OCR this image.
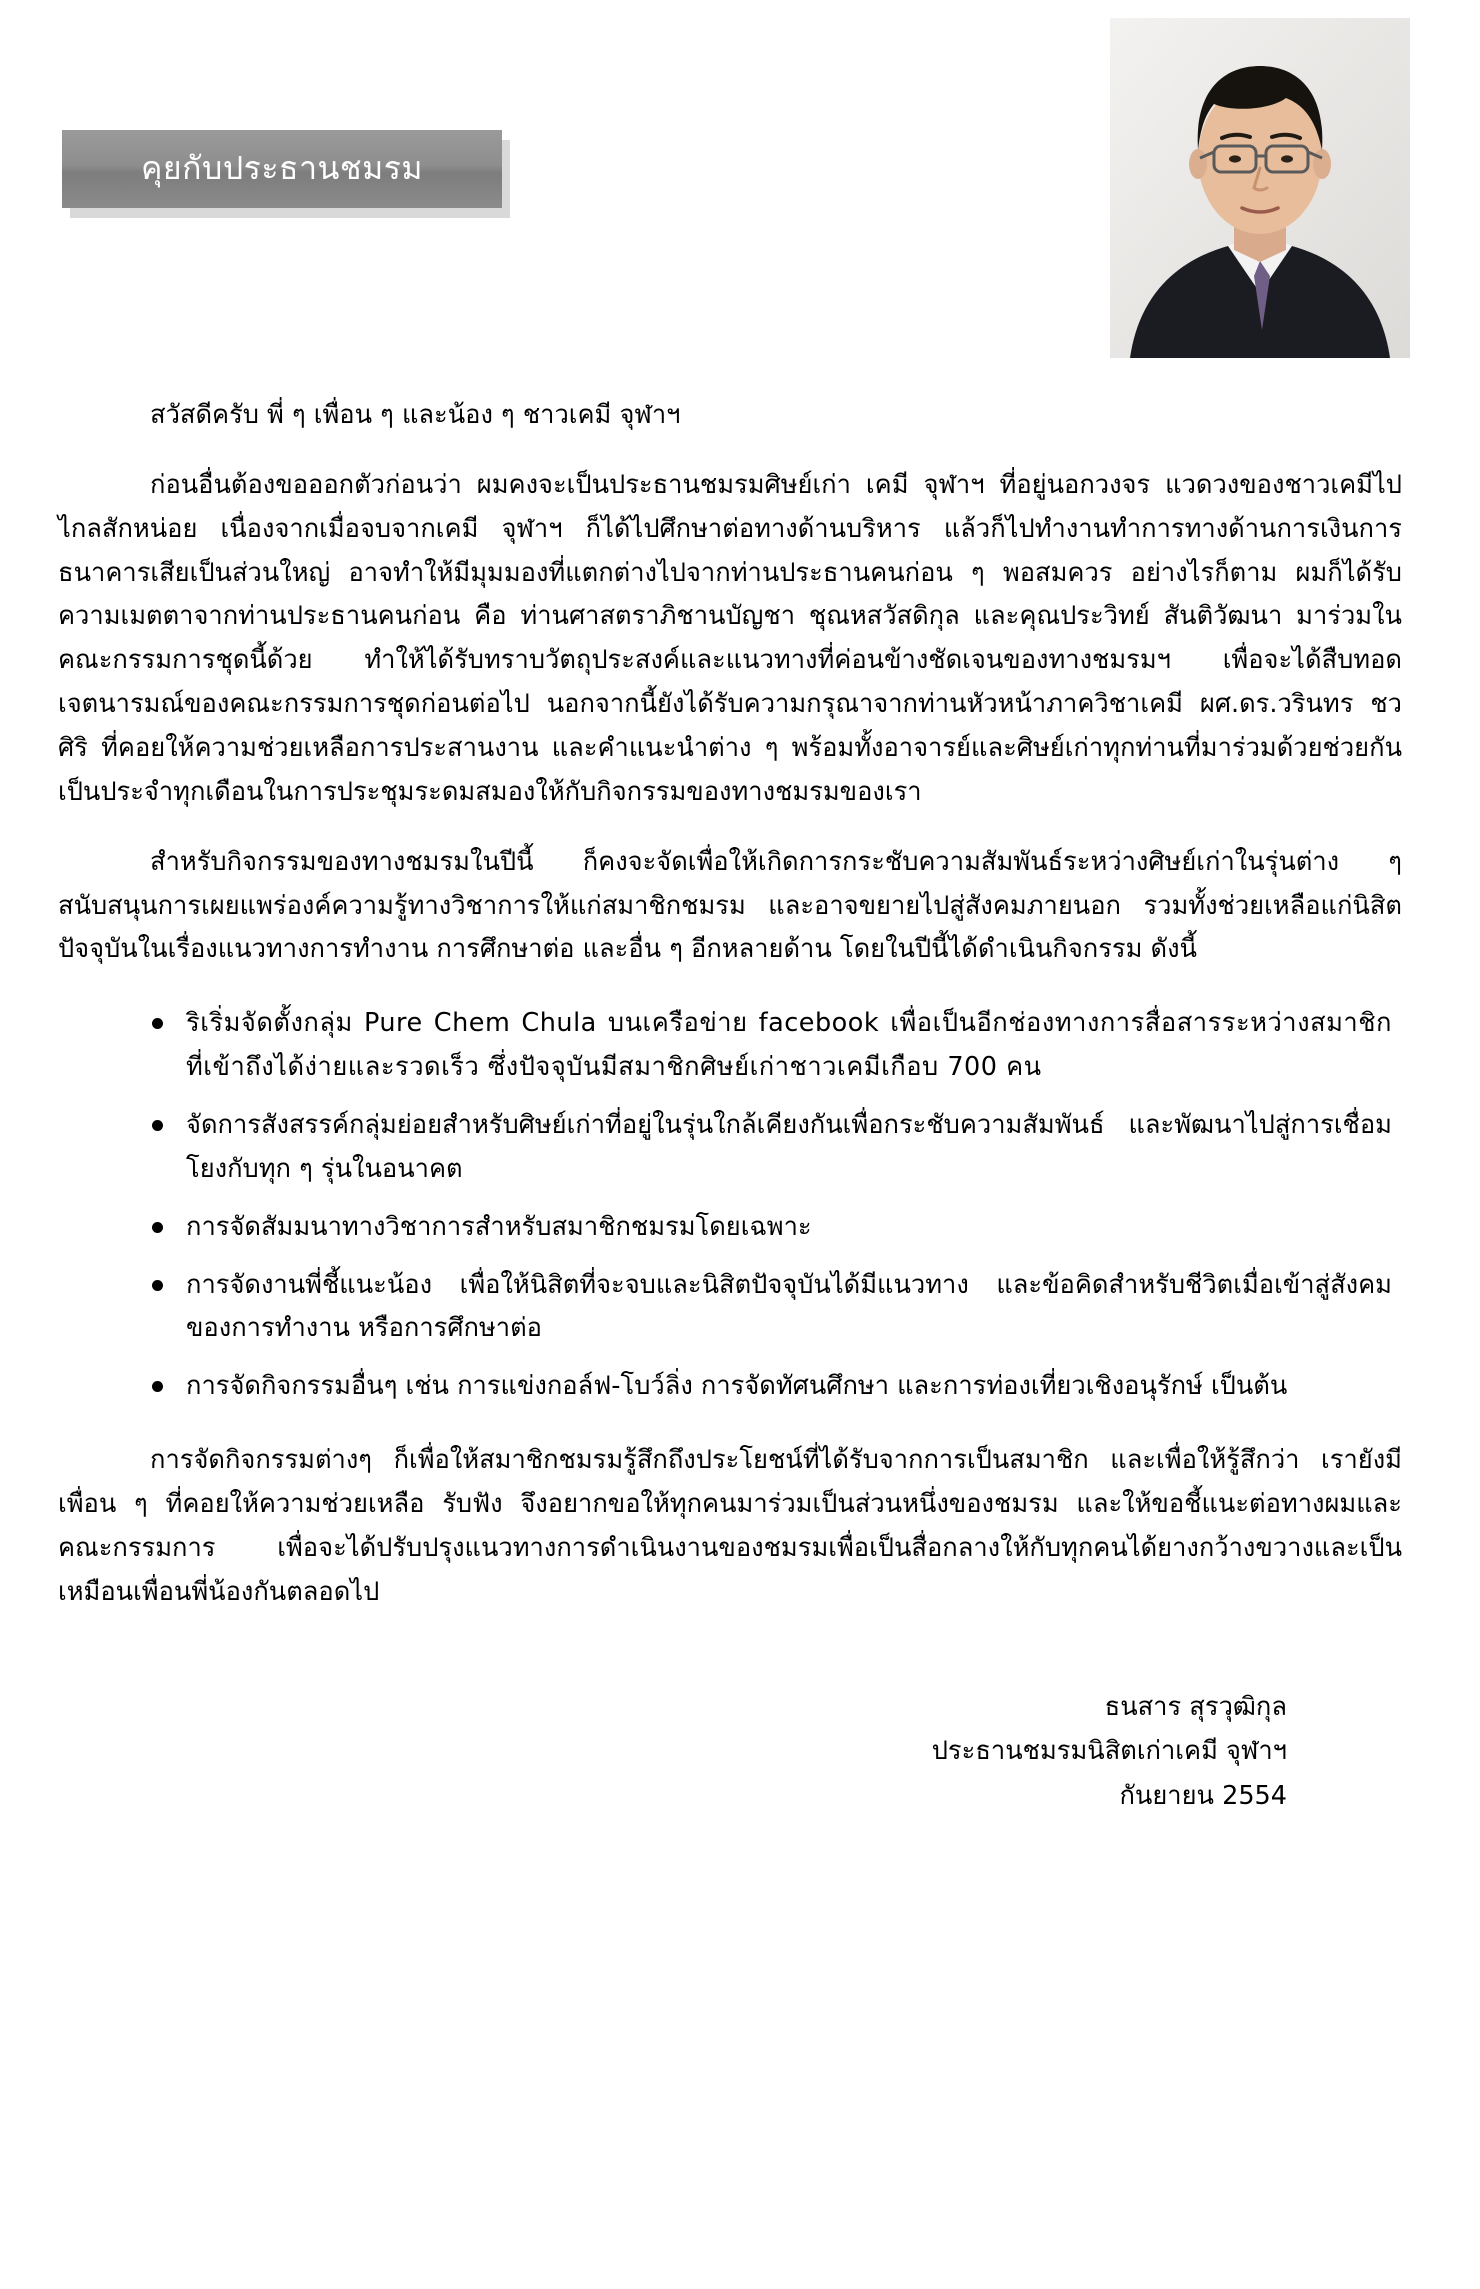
คุยกับประธานชมรม

สวัสดีครับ พี่ ๆ เพื่อน ๆ และน้อง ๆ ชาวเคมี จุฬาฯ

ก่อนอื่นต้องขอออกตัวก่อนว่า ผมคงจะเป็นประธานชมรมศิษย์เก่า เคมี จุฬาฯ ที่อยู่นอกวงจร แวดวงของชาวเคมีไปไกลสักหน่อย เนื่องจากเมื่อจบจากเคมี จุฬาฯ ก็ได้ไปศึกษาต่อทางด้านบริหาร แล้วก็ไปทำงานทำการทางด้านการเงินการธนาคารเสียเป็นส่วนใหญ่ อาจทำให้มีมุมมองที่แตกต่างไปจากท่านประธานคนก่อน ๆ พอสมควร อย่างไรก็ตาม ผมก็ได้รับความเมตตาจากท่านประธานคนก่อน คือ ท่านศาสตราภิชานบัญชา ชุณหสวัสดิกุล และคุณประวิทย์ สันติวัฒนา มาร่วมในคณะกรรมการชุดนี้ด้วย ทำให้ได้รับทราบวัตถุประสงค์และแนวทางที่ค่อนข้างชัดเจนของทางชมรมฯ เพื่อจะได้สืบทอดเจตนารมณ์ของคณะกรรมการชุดก่อนต่อไป นอกจากนี้ยังได้รับความกรุณาจากท่านหัวหน้าภาควิชาเคมี ผศ.ดร.วรินทร ชวศิริ ที่คอยให้ความช่วยเหลือการประสานงาน และคำแนะนำต่าง ๆ พร้อมทั้งอาจารย์และศิษย์เก่าทุกท่านที่มาร่วมด้วยช่วยกันเป็นประจำทุกเดือนในการประชุมระดมสมองให้กับกิจกรรมของทางชมรมของเรา

สำหรับกิจกรรมของทางชมรมในปีนี้ ก็คงจะจัดเพื่อให้เกิดการกระชับความสัมพันธ์ระหว่างศิษย์เก่าในรุ่นต่าง ๆ สนับสนุนการเผยแพร่องค์ความรู้ทางวิชาการให้แก่สมาชิกชมรม และอาจขยายไปสู่สังคมภายนอก รวมทั้งช่วยเหลือแก่นิสิตปัจจุบันในเรื่องแนวทางการทำงาน การศึกษาต่อ และอื่น ๆ อีกหลายด้าน โดยในปีนี้ได้ดำเนินกิจกรรม ดังนี้

ริเริ่มจัดตั้งกลุ่ม Pure Chem Chula บนเครือข่าย facebook เพื่อเป็นอีกช่องทางการสื่อสารระหว่างสมาชิกที่เข้าถึงได้ง่ายและรวดเร็ว ซึ่งปัจจุบันมีสมาชิกศิษย์เก่าชาวเคมีเกือบ 700 คน
จัดการสังสรรค์กลุ่มย่อยสำหรับศิษย์เก่าที่อยู่ในรุ่นใกล้เคียงกันเพื่อกระชับความสัมพันธ์ และพัฒนาไปสู่การเชื่อมโยงกับทุก ๆ รุ่นในอนาคต
การจัดสัมมนาทางวิชาการสำหรับสมาชิกชมรมโดยเฉพาะ
การจัดงานพี่ชี้แนะน้อง เพื่อให้นิสิตที่จะจบและนิสิตปัจจุบันได้มีแนวทาง และข้อคิดสำหรับชีวิตเมื่อเข้าสู่สังคมของการทำงาน หรือการศึกษาต่อ
การจัดกิจกรรมอื่นๆ เช่น การแข่งกอล์ฟ-โบว์ลิ่ง การจัดทัศนศึกษา และการท่องเที่ยวเชิงอนุรักษ์ เป็นต้น

การจัดกิจกรรมต่างๆ ก็เพื่อให้สมาชิกชมรมรู้สึกถึงประโยชน์ที่ได้รับจากการเป็นสมาชิก และเพื่อให้รู้สึกว่า เรายังมีเพื่อน ๆ ที่คอยให้ความช่วยเหลือ รับฟัง จึงอยากขอให้ทุกคนมาร่วมเป็นส่วนหนึ่งของชมรม และให้ขอชี้แนะต่อทางผมและคณะกรรมการ เพื่อจะได้ปรับปรุงแนวทางการดำเนินงานของชมรมเพื่อเป็นสื่อกลางให้กับทุกคนได้ยางกว้างขวางและเป็นเหมือนเพื่อนพี่น้องกันตลอดไป

ธนสาร สุรวุฒิกุล
ประธานชมรมนิสิตเก่าเคมี จุฬาฯ
กันยายน 2554
